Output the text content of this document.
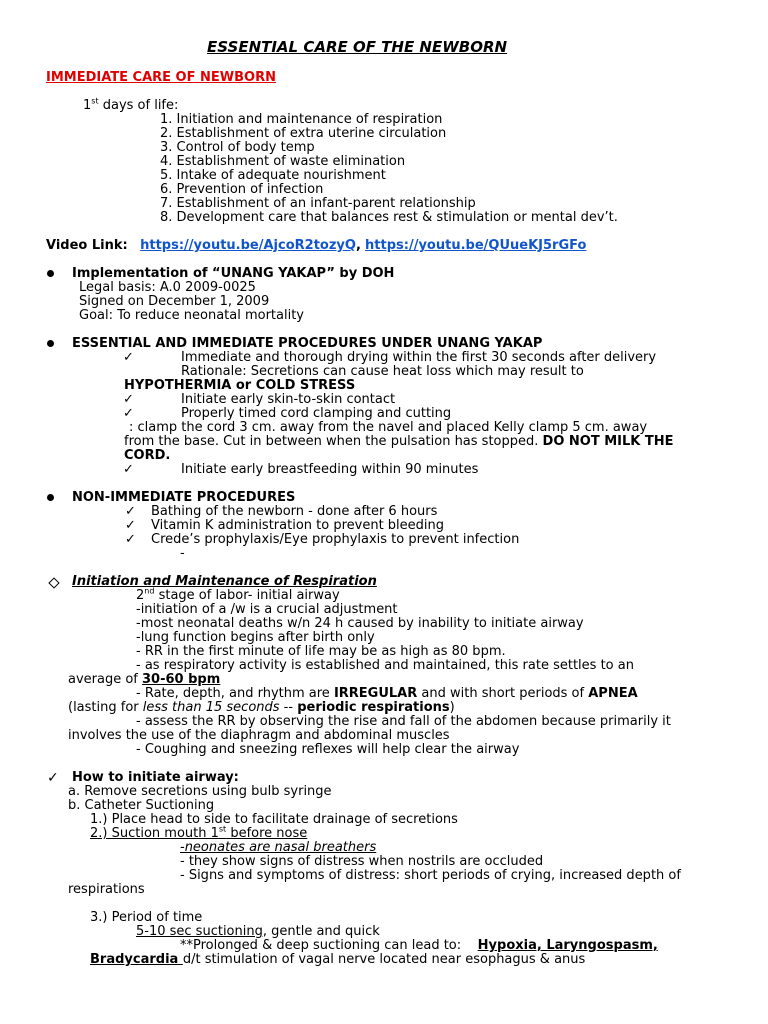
ESSENTIAL CARE OF THE NEWBORN
IMMEDIATE CARE OF NEWBORN
1st days of life:
1. Initiation and maintenance of respiration
2. Establishment of extra uterine circulation
3. Control of body temp
4. Establishment of waste elimination
5. Intake of adequate nourishment
6. Prevention of infection
7. Establishment of an infant-parent relationship
8. Development care that balances rest & stimulation or mental dev’t.
Video Link: https://youtu.be/AjcoR2tozyQ, https://youtu.be/QUueKJ5rGFo
Implementation of “UNANG YAKAP” by DOH
Legal basis: A.0 2009-0025
Signed on December 1, 2009
Goal: To reduce neonatal mortality
ESSENTIAL AND IMMEDIATE PROCEDURES UNDER UNANG YAKAP
✓	Immediate and thorough drying within the first 30 seconds after delivery
Rationale: Secretions can cause heat loss which may result to
HYPOTHERMIA or COLD STRESS
✓	Initiate early skin-to-skin contact
✓	Properly timed cord clamping and cutting
: clamp the cord 3 cm. away from the navel and placed Kelly clamp 5 cm. away
from the base. Cut in between when the pulsation has stopped. DO NOT MILK THE
CORD.
✓	Initiate early breastfeeding within 90 minutes
NON-IMMEDIATE PROCEDURES
✓ Bathing of the newborn - done after 6 hours
✓ Vitamin K administration to prevent bleeding
✓ Crede’s prophylaxis/Eye prophylaxis to prevent infection
-
Initiation and Maintenance of Respiration
2nd stage of labor- initial airway
-initiation of a /w is a crucial adjustment
-most neonatal deaths w/n 24 h caused by inability to initiate airway
-lung function begins after birth only
- RR in the first minute of life may be as high as 80 bpm.
- as respiratory activity is established and maintained, this rate settles to an
average of 30-60 bpm
- Rate, depth, and rhythm are IRREGULAR and with short periods of APNEA
(lasting for less than 15 seconds -- periodic respirations)
- assess the RR by observing the rise and fall of the abdomen because primarily it
involves the use of the diaphragm and abdominal muscles
- Coughing and sneezing reflexes will help clear the airway
✓ How to initiate airway:
a. Remove secretions using bulb syringe
b. Catheter Suctioning
1.) Place head to side to facilitate drainage of secretions
2.) Suction mouth 1st before nose
-neonates are nasal breathers
- they show signs of distress when nostrils are occluded
- Signs and symptoms of distress: short periods of crying, increased depth of
respirations
3.) Period of time
5-10 sec suctioning, gentle and quick
**Prolonged & deep suctioning can lead to:    Hypoxia, Laryngospasm,
Bradycardia d/t stimulation of vagal nerve located near esophagus & anus
